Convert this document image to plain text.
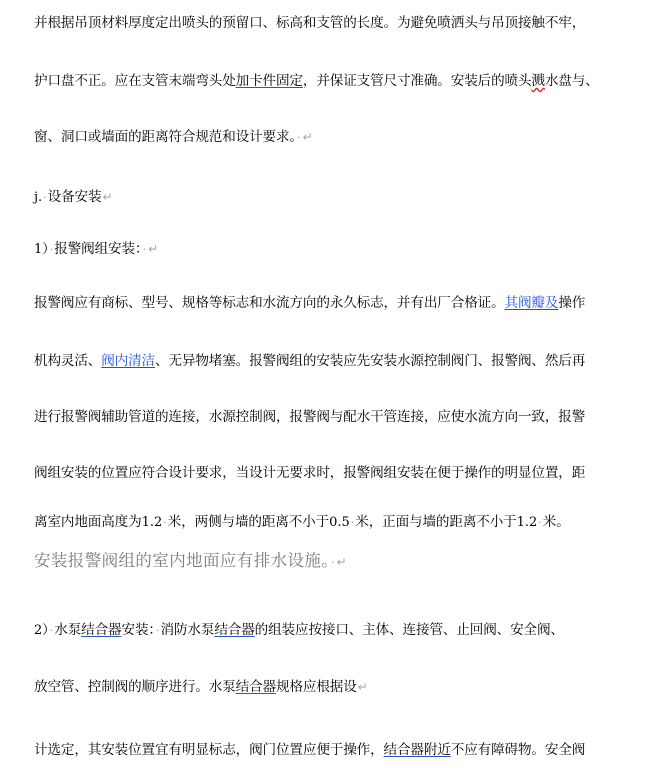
并根据吊顶材料厚度定出喷头的预留口、标高和支管的长度。为避免喷洒头与吊顶接触不牢，
护口盘不正。应在支管末端弯头处加卡件固定，并保证支管尺寸准确。安装后的喷头溅水盘与、
窗、洞口或墙面的距离符合规范和设计要求。· ↵
j.·设备安装↵
1）·报警阀组安装：· ↵
报警阀应有商标、型号、规格等标志和水流方向的永久标志，并有出厂合格证。其阀瓣及操作
机构灵活、阀内清洁、无异物堵塞。报警阀组的安装应先安装水源控制阀门、报警阀、然后再
进行报警阀辅助管道的连接，水源控制阀，报警阀与配水干管连接，应使水流方向一致，报警
阀组安装的位置应符合设计要求，当设计无要求时，报警阀组安装在便于操作的明显位置，距
离室内地面高度为1.2·米，两侧与墙的距离不小于0.5·米，正面与墙的距离不小于1.2·米。
安装报警阀组的室内地面应有排水设施。· ↵
2）·水泵结合器安装：·消防水泵结合器的组装应按接口、主体、连接管、止回阀、安全阀、
放空管、控制阀的顺序进行。水泵结合器规格应根据设↵
计选定，其安装位置宜有明显标志，阀门位置应便于操作，结合器附近不应有障碍物。安全阀
